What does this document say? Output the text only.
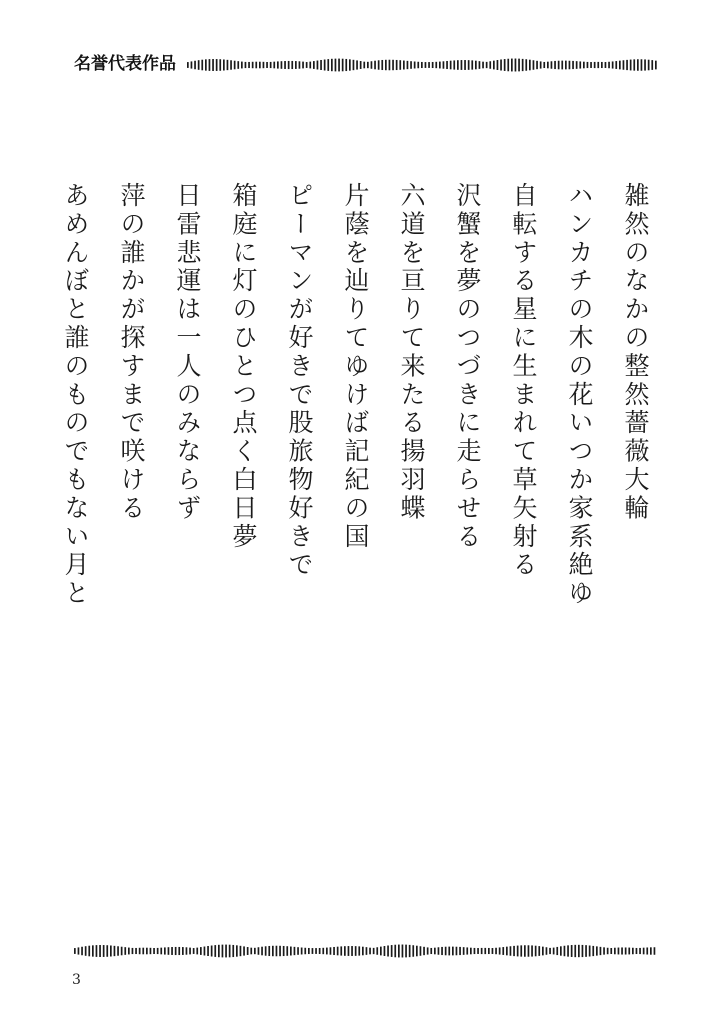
名誉代表作品
雑然のなかの整然薔薇大輪
ハンカチの木の花いつか家系絶ゆ
自転する星に生まれて草矢射る
沢蟹を夢のつづきに走らせる
六道を亘りて来たる揚羽蝶
片蔭を辿りてゆけば記紀の国
ピーマンが好きで股旅物好きで
箱庭に灯のひとつ点く白日夢
日雷悲運は一人のみならず
萍の誰かが探すまで咲ける
あめんぼと誰のものでもない月と
3
